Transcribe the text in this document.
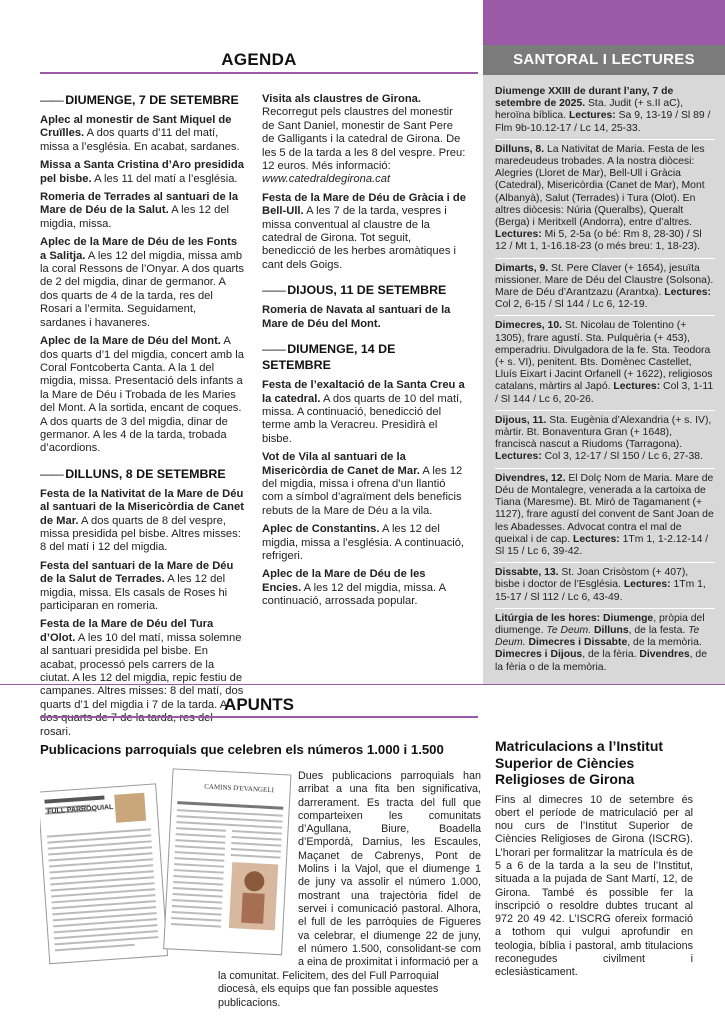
AGENDA
—— DIUMENGE, 7 DE SETEMBRE

Aplec al monestir de Sant Miquel de Cruïlles. A dos quarts d’11 del matí, missa a l’església. En acabat, sardanes.

Missa a Santa Cristina d’Aro presidida pel bisbe. A les 11 del matí a l’església.

Romeria de Terrades al santuari de la Mare de Déu de la Salut. A les 12 del migdia, missa.

Aplec de la Mare de Déu de les Fonts a Salitja. A les 12 del migdia, missa amb la coral Ressons de l’Onyar. A dos quarts de 2 del migdia, dinar de germanor. A dos quarts de 4 de la tarda, res del Rosari a l’ermita. Seguidament, sardanes i havaneres.

Aplec de la Mare de Déu del Mont. A dos quarts d’1 del migdia, concert amb la Coral Fontcoberta Canta. A la 1 del migdia, missa. Presentació dels infants a la Mare de Déu i Trobada de les Maries del Mont. A la sortida, encant de coques. A dos quarts de 3 del migdia, dinar de germanor. A les 4 de la tarda, trobada d’acordions.

—— DILLUNS, 8 DE SETEMBRE

Festa de la Nativitat de la Mare de Déu al santuari de la Misericòrdia de Canet de Mar. A dos quarts de 8 del vespre, missa presidida pel bisbe. Altres misses: 8 del matí i 12 del migdia.

Festa del santuari de la Mare de Déu de la Salut de Terrades. A les 12 del migdia, missa. Els casals de Roses hi participaran en romeria.

Festa de la Mare de Déu del Tura d’Olot. A les 10 del matí, missa solemne al santuari presidida pel bisbe. En acabat, processó pels carrers de la ciutat. A les 12 del migdia, repic festiu de campanes. Altres misses: 8 del matí, dos quarts d’1 del migdia i 7 de la tarda. A dos quarts de 7 de la tarda, res del rosari.

Visita als claustres de Girona. Recorregut pels claustres del monestir de Sant Daniel, monestir de Sant Pere de Galligants i la catedral de Girona. De les 5 de la tarda a les 8 del vespre. Preu: 12 euros. Més informació: www.catedraldegirona.cat

Festa de la Mare de Déu de Gràcia i de Bell-Ull. A les 7 de la tarda, vespres i missa conventual al claustre de la catedral de Girona. Tot seguit, benedicció de les herbes aromàtiques i cant dels Goigs.

—— DIJOUS, 11 DE SETEMBRE

Romeria de Navata al santuari de la Mare de Déu del Mont.

—— DIUMENGE, 14 DE SETEMBRE

Festa de l’exaltació de la Santa Creu a la catedral. A dos quarts de 10 del matí, missa. A continuació, benedicció del terme amb la Veracreu. Presidirà el bisbe.

Vot de Vila al santuari de la Misericòrdia de Canet de Mar. A les 12 del migdia, missa i ofrena d’un llantió com a símbol d’agraïment dels beneficis rebuts de la Mare de Déu a la vila.

Aplec de Constantins. A les 12 del migdia, missa a l’església. A continuació, refrigeri.

Aplec de la Mare de Déu de les Encies. A les 12 del migdia, missa. A continuació, arrossada popular.

SANTORAL I LECTURES
Diumenge XXIII de durant l’any, 7 de setembre de 2025. Sta. Judit (+ s.II aC), heroïna bíblica. Lectures: Sa 9, 13-19 / Sl 89 / Flm 9b-10.12-17 / Lc 14, 25-33.
Dilluns, 8. La Nativitat de Maria. Festa de les maredeudeus trobades. A la nostra diòcesi: Alegries (Lloret de Mar), Bell-Ull i Gràcia (Catedral), Misericòrdia (Canet de Mar), Mont (Albanyà), Salut (Terrades) i Tura (Olot). En altres diòcesis: Núria (Queralbs), Queralt (Berga) i Meritxell (Andorra), entre d’altres. Lectures: Mi 5, 2-5a (o bé: Rm 8, 28-30) / Sl 12 / Mt 1, 1-16.18-23 (o més breu: 1, 18-23).
Dimarts, 9. St. Pere Claver (+ 1654), jesuïta missioner. Mare de Déu del Claustre (Solsona). Mare de Déu d’Arantzazu (Arantxa). Lectures: Col 2, 6-15 / Sl 144 / Lc 6, 12-19.
Dimecres, 10. St. Nicolau de Tolentino (+ 1305), frare agustí. Sta. Pulquèria (+ 453), emperadriu. Divulgadora de la fe. Sta. Teodora (+ s. VI), penitent. Bts. Domènec Castellet, Lluís Eixart i Jacint Orfanell (+ 1622), religiosos catalans, màrtirs al Japó. Lectures: Col 3, 1-11 / Sl 144 / Lc 6, 20-26.
Dijous, 11. Sta. Eugènia d’Alexandria (+ s. IV), màrtir. Bt. Bonaventura Gran (+ 1648), franciscà nascut a Riudoms (Tarragona). Lectures: Col 3, 12-17 / Sl 150 / Lc 6, 27-38.
Divendres, 12. El Dolç Nom de Maria. Mare de Déu de Montalegre, venerada a la cartoixa de Tiana (Maresme). Bt. Miró de Tagamanent (+ 1127), frare agustí del convent de Sant Joan de les Abadesses. Advocat contra el mal de queixal i de cap. Lectures: 1Tm 1, 1-2.12-14 / Sl 15 / Lc 6, 39-42.
Dissabte, 13. St. Joan Crisòstom (+ 407), bisbe i doctor de l’Església. Lectures: 1Tm 1, 15-17 / Sl 112 / Lc 6, 43-49.
Litúrgia de les hores: Diumenge, pròpia del diumenge. Te Deum. Dilluns, de la festa. Te Deum. Dimecres i Dissabte, de la memòria. Dimecres i Dijous, de la fèria. Divendres, de la fèria o de la memòria.
APUNTS
Publicacions parroquials que celebren els números 1.000 i 1.500
FULL PARROQUIAL
CAMINS D'EVANGELI
Dues publicacions parroquials han arribat a una fita ben significativa, darrerament. Es tracta del full que comparteixen les comunitats d’Agullana, Biure, Boadella d’Empordà, Darnius, les Escaules, Maçanet de Cabrenys, Pont de Molins i la Vajol, que el diumenge 1 de juny va assolir el número 1.000, mostrant una trajectòria fidel de servei i comunicació pastoral. Alhora, el full de les parròquies de Figueres va celebrar, el diumenge 22 de juny, el número 1.500, consolidant-se com a eina de proximitat i informació per a
la comunitat. Felicitem, des del Full Parroquial diocesà, els equips que fan possible aquestes publicacions.
Matriculacions a l’Institut Superior de Ciències Religioses de Girona
Fins al dimecres 10 de setembre és obert el període de matriculació per al nou curs de l’Institut Superior de Ciències Religioses de Girona (ISCRG). L’horari per formalitzar la matrícula és de 5 a 6 de la tarda a la seu de l’Institut, situada a la pujada de Sant Martí, 12, de Girona. També és possible fer la inscripció o resoldre dubtes trucant al 972 20 49 42. L’ISCRG ofereix formació a tothom qui vulgui aprofundir en teologia, bíblia i pastoral, amb titulacions reconegudes civilment i eclesiàsticament.
